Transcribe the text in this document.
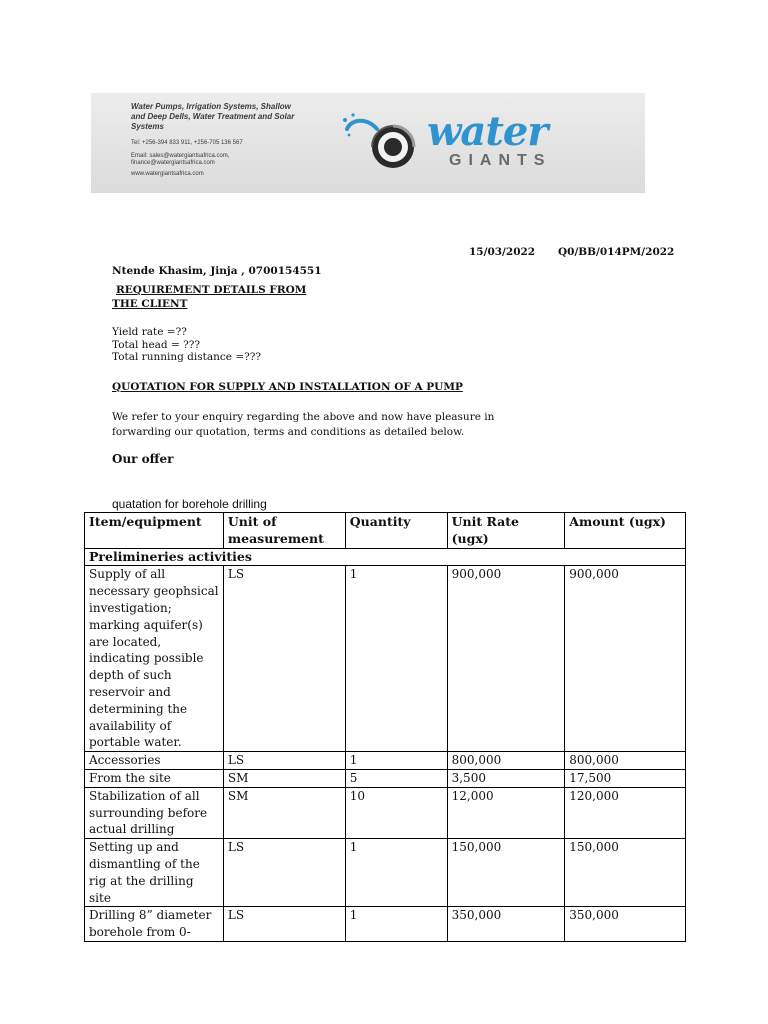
Water Pumps, Irrigation Systems, Shallow and Deep Dells, Water Treatment and Solar Systems
Tel: +256-394 833 911, +256-705 136 567
Email: sales@watergiantsafrica.com, finance@watergiantsafrica.com
www.watergiantsafrica.com
water
GIANTS
15/03/2022 Q0/BB/014PM/2022
Ntende Khasim, Jinja , 0700154551
REQUIREMENT DETAILS FROM THE CLIENT
Yield rate =??
Total head = ???
Total running distance =???
QUOTATION FOR SUPPLY AND INSTALLATION OF A PUMP
We refer to your enquiry regarding the above and now have pleasure in forwarding our quotation, terms and conditions as detailed below.
Our offer
quatation for borehole drilling
Item/equipment	Unit of measurement	Quantity	Unit Rate (ugx)	Amount (ugx)
Prelimineries activities				
Supply of all necessary geophsical investigation; marking aquifer(s) are located, indicating possible depth of such reservoir and determining the availability of portable water.	LS	1	900,000	900,000
Accessories	LS	1	800,000	800,000
From the site	SM	5	3,500	17,500
Stabilization of all surrounding before actual drilling	SM	10	12,000	120,000
Setting up and dismantling of the rig at the drilling site	LS	1	150,000	150,000
Drilling 8” diameter borehole from 0-	LS	1	350,000	350,000
